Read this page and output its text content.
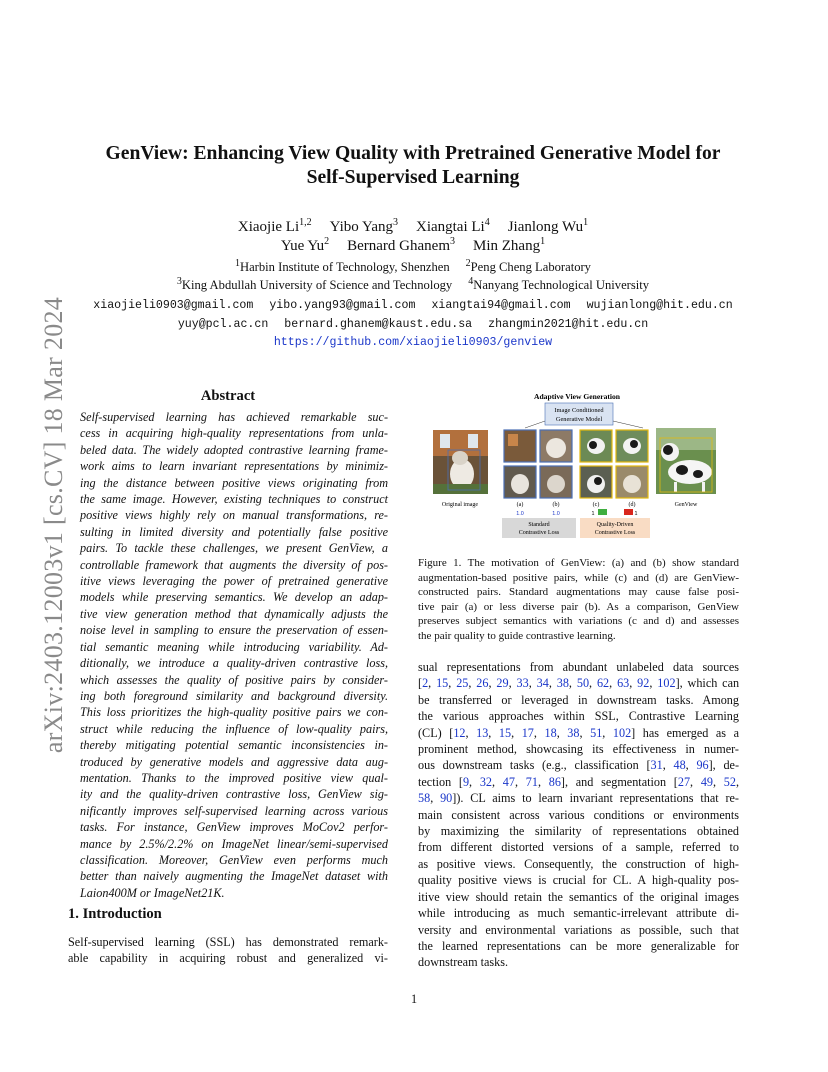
arXiv:2403.12003v1 [cs.CV] 18 Mar 2024
GenView: Enhancing View Quality with Pretrained Generative Model for
Self-Supervised Learning
Xiaojie Li$^{1,2}$ Yibo Yang$^3$ Xiangtai Li$^4$ Jianlong Wu$^1$
Yue Yu$^2$ Bernard Ghanem$^3$ Min Zhang$^1$
$^1$Harbin Institute of Technology, Shenzhen $^2$Peng Cheng Laboratory
$^3$King Abdullah University of Science and Technology $^4$Nanyang Technological University
xiaojieli0903@gmail.com yibo.yang93@gmail.com xiangtai94@gmail.com wujianlong@hit.edu.cn
yuy@pcl.ac.cn bernard.ghanem@kaust.edu.sa zhangmin2021@hit.edu.cn
https://github.com/xiaojieli0903/genview
Abstract
Self-supervised learning has achieved remarkable suc-
cess in acquiring high-quality representations from unla-
beled data. The widely adopted contrastive learning frame-
work aims to learn invariant representations by minimiz-
ing the distance between positive views originating from
the same image. However, existing techniques to construct
positive views highly rely on manual transformations, re-
sulting in limited diversity and potentially false positive
pairs. To tackle these challenges, we present GenView, a
controllable framework that augments the diversity of pos-
itive views leveraging the power of pretrained generative
models while preserving semantics. We develop an adap-
tive view generation method that dynamically adjusts the
noise level in sampling to ensure the preservation of essen-
tial semantic meaning while introducing variability. Ad-
ditionally, we introduce a quality-driven contrastive loss,
which assesses the quality of positive pairs by consider-
ing both foreground similarity and background diversity.
This loss prioritizes the high-quality positive pairs we con-
struct while reducing the influence of low-quality pairs,
thereby mitigating potential semantic inconsistencies in-
troduced by generative models and aggressive data aug-
mentation. Thanks to the improved positive view qual-
ity and the quality-driven contrastive loss, GenView sig-
nificantly improves self-supervised learning across various
tasks. For instance, GenView improves MoCov2 perfor-
mance by 2.5%/2.2% on ImageNet linear/semi-supervised
classification. Moreover, GenView even performs much
better than naively augmenting the ImageNet dataset with
Laion400M or ImageNet21K.
1. Introduction
Self-supervised learning (SSL) has demonstrated remark-
able capability in acquiring robust and generalized vi-
Adaptive View Generation
Image Conditioned
Generative Model
Original image	(a)	(b)	(c)	(d)	GenView
1.0	1.0	1	1
Standard
Contrastive Loss
Quality-Driven
Contrastive Loss
Figure 1. The motivation of GenView: (a) and (b) show standard
augmentation-based positive pairs, while (c) and (d) are GenView-
constructed pairs. Standard augmentations may cause false posi-
tive pair (a) or less diverse pair (b). As a comparison, GenView
preserves subject semantics with variations (c and d) and assesses
the pair quality to guide contrastive learning.
sual representations from abundant unlabeled data sources
[2, 15, 25, 26, 29, 33, 34, 38, 50, 62, 63, 92, 102], which can
be transferred or leveraged in downstream tasks. Among
the various approaches within SSL, Contrastive Learning
(CL) [12, 13, 15, 17, 18, 38, 51, 102] has emerged as a
prominent method, showcasing its effectiveness in numer-
ous downstream tasks (e.g., classification [31, 48, 96], de-
tection [9, 32, 47, 71, 86], and segmentation [27, 49, 52,
58, 90]). CL aims to learn invariant representations that re-
main consistent across various conditions or environments
by maximizing the similarity of representations obtained
from different distorted versions of a sample, referred to
as positive views. Consequently, the construction of high-
quality positive views is crucial for CL. A high-quality pos-
itive view should retain the semantics of the original images
while introducing as much semantic-irrelevant attribute di-
versity and environmental variations as possible, such that
the learned representations can be more generalizable for
downstream tasks.
1
